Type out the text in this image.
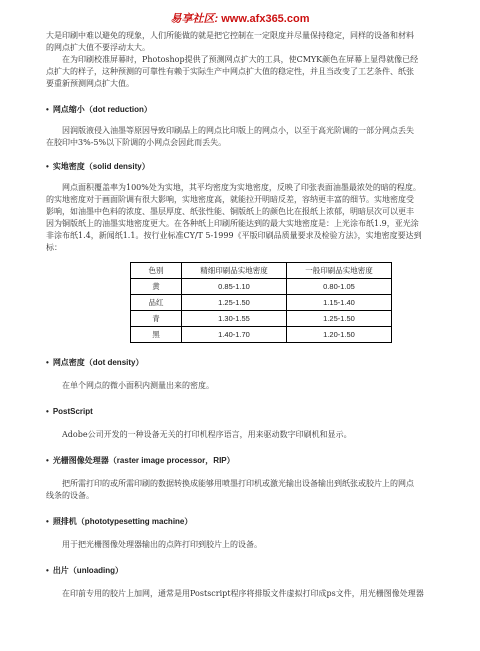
易享社区: www.afx365.com

大是印刷中难以避免的现象，人们所能做的就是把它控制在一定限度并尽量保持稳定，同样的设备和材料

的网点扩大值不要浮动太大。

在为印刷校准屏幕时，Photoshop提供了预测网点扩大的工具，使CMYK颜色在屏幕上显得就像已经

点扩大的样子，这种预测的可靠性有赖于实际生产中网点扩大值的稳定性，并且当改变了工艺条件、纸张

要重新预测网点扩大值。

• 网点缩小（dot reduction）

因润版液侵入油墨等原因导致印刷品上的网点比印版上的网点小，以至于高光阶调的一部分网点丢失

在胶印中3%-5%以下阶调的小网点会因此而丢失。

• 实地密度（solid density）

网点面积覆盖率为100%处为实地，其平均密度为实地密度，反映了印张表面油墨最浓处的暗的程度。

的实地密度对于画面阶调有很大影响，实地密度高，就能拉开明暗反差，容纳更丰富的细节。实地密度受

影响，如油墨中色料的浓度、墨层厚度、纸张性能、铜版纸上的颜色比在报纸上浓郁，明暗层次可以更丰

因为铜版纸上的油墨实地密度更大。在各种纸上印刷所能达到的最大实地密度是：上光涂布纸1.9，亚光涂

非涂布纸1.4，新闻纸1.1。按行业标准CY/T 5-1999《平版印刷品质量要求及检验方法》，实地密度要达到

标：

色别	精细印刷品实地密度	一般印刷品实地密度
黄	0.85-1.10	0.80-1.05
品红	1.25-1.50	1.15-1.40
青	1.30-1.55	1.25-1.50
黑	1.40-1.70	1.20-1.50

• 网点密度（dot density）

在单个网点的微小面积内测量出来的密度。

• PostScript

Adobe公司开发的一种设备无关的打印机程序语言，用来驱动数字印刷机和显示。

• 光栅图像处理器（raster image processor，RIP）

把所需打印的或所需印刷的数据转换成能够用喷墨打印机或激光输出设备输出到纸张或胶片上的网点

线条的设备。

• 照排机（phototypesetting machine）

用于把光栅图像处理器输出的点阵打印到胶片上的设备。

• 出片（unloading）

在印前专用的胶片上加网，通常是用Postscript程序将排版文件虚拟打印成ps文件，用光栅图像处理器
